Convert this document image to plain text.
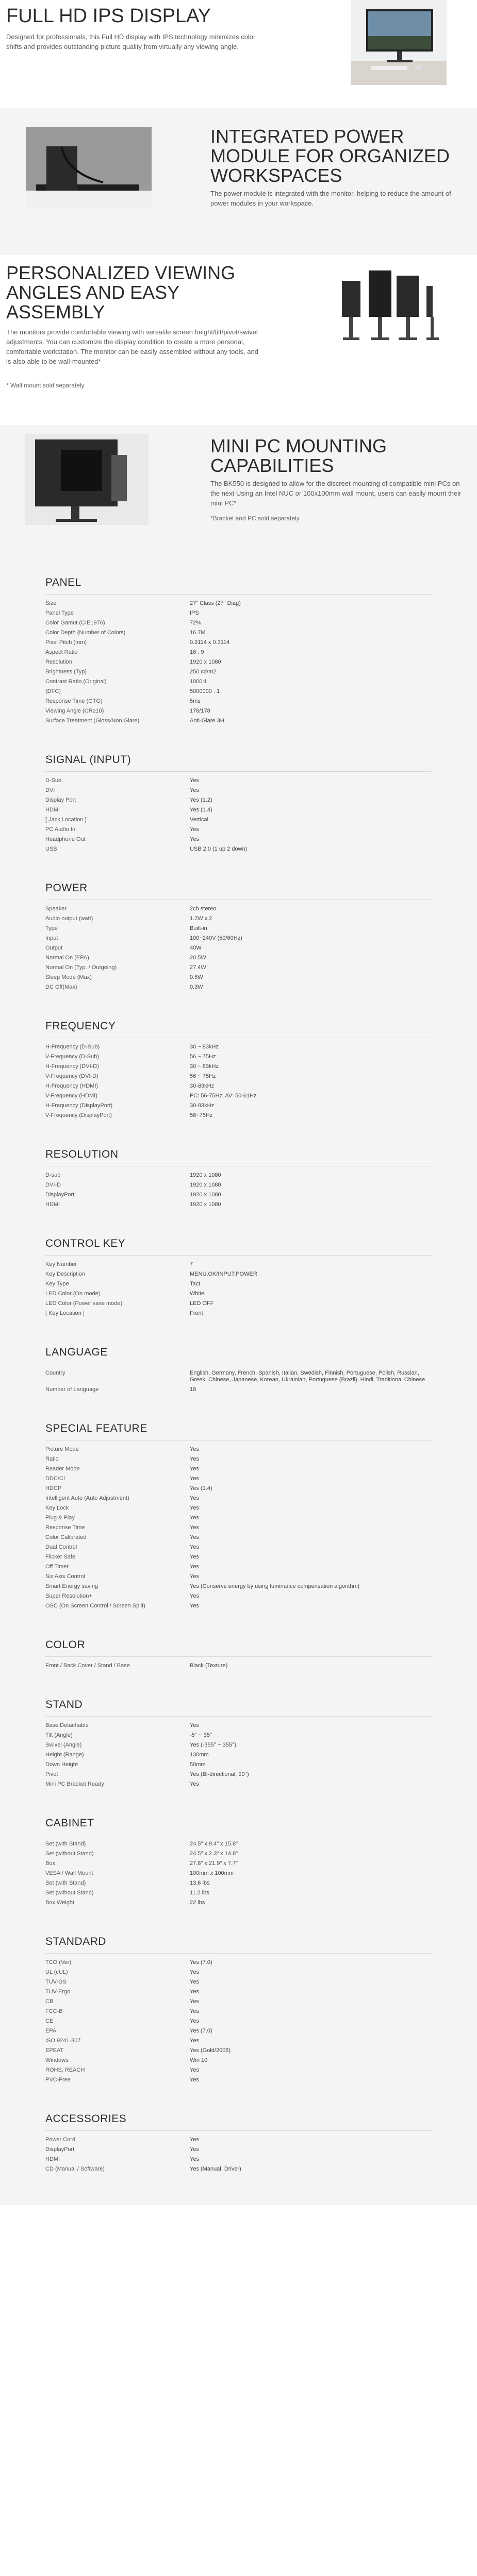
FULL HD IPS DISPLAY

Designed for professionals, this Full HD display with IPS technology minimizes color shifts and provides outstanding picture quality from virtually any viewing angle.

INTEGRATED POWER
MODULE FOR ORGANIZED
WORKSPACES

The power module is integrated with the monitor, helping to reduce the amount of power modules in your workspace.

PERSONALIZED VIEWING
ANGLES AND EASY
ASSEMBLY

The monitors provide comfortable viewing with versatile screen height/tilt/pivot/swivel adjustments. You can customize the display condition to create a more personal, comfortable workstation. The monitor can be easily assembled without any tools, and is also able to be wall-mounted*

* Wall mount sold separately

MINI PC MOUNTING
CAPABILITIES

The BK550 is designed to allow for the discreet mounting of compatible mini PCs on the next Using an Intel NUC or 100x100mm wall mount, users can easily mount their mini PC*

*Bracket and PC sold separately

PANEL
Size	27" Class (27" Diag)
Panel Type	IPS
Color Gamut (CIE1976)	72%
Color Depth (Number of Colors)	16.7M
Pixel Pitch (mm)	0.3114 x 0.3114
Aspect Ratio	16 : 9
Resolution	1920 x 1080
Brightness (Typ)	250 cd/m2
Contrast Ratio (Original)	1000:1
(DFC)	5000000 : 1
Response Time (GTG)	5ms
Viewing Angle (CR≥10)	178/178
Surface Treatment (Gloss/Non Glare)	Anti-Glare 3H
SIGNAL (INPUT)
D-Sub	Yes
DVI	Yes
Display Port	Yes (1.2)
HDMI	Yes (1.4)
[ Jack Location ]	Vertical
PC Audio In	Yes
Headphone Out	Yes
USB	USB 2.0 (1 up 2 down)
POWER
Speaker	2ch stereo
Audio output (watt)	1.2W x 2
Type	Built-in
Input	100~240V (50/60Hz)
Output	40W
Normal On (EPA)	20.5W
Normal On (Typ. / Outgoing)	27.4W
Sleep Mode (Max)	0.5W
DC Off(Max)	0.3W
FREQUENCY
H-Frequency (D-Sub)	30 ~ 83kHz
V-Frequency (D-Sub)	56 ~ 75Hz
H-Frequency (DVI-D)	30 ~ 83kHz
V-Frequency (DVI-D)	56 ~ 75Hz
H-Frequency (HDMI)	30-83kHz
V-Frequency (HDMI)	PC: 56-75Hz, AV: 50-61Hz
H-Frequency (DisplayPort)	30-83kHz
V-Frequency (DisplayPort)	56~75Hz
RESOLUTION
D-sub	1920 x 1080
DVI-D	1920 x 1080
DisplayPort	1920 x 1080
HDMI	1920 x 1080
CONTROL KEY
Key Number	7
Key Description	MENU,OK/INPUT,POWER
Key Type	Tact
LED Color (On mode)	White
LED Color (Power save mode)	LED OFF
[ Key Location ]	Front
LANGUAGE
Country	English, Germany, French, Spanish, Italian, Swedish, Finnish, Portuguese, Polish, Russian, Greek, Chinese, Japanese, Korean, Ukrainian, Portuguese (Brazil), Hindi, Traditional Chinese
Number of Language	18
SPECIAL FEATURE
Picture Mode	Yes
Ratio	Yes
Reader Mode	Yes
DDC/CI	Yes
HDCP	Yes (1.4)
Intelligent Auto (Auto Adjustment)	Yes
Key Lock	Yes
Plug & Play	Yes
Response Time	Yes
Color Calibrated	Yes
Dual Control	Yes
Flicker Safe	Yes
Off Timer	Yes
Six Axis Control	Yes
Smart Energy saving	Yes (Conserve energy by using luminance compensation algorithm)
Super Resolution+	Yes
OSC (On Screen Control / Screen Split)	Yes
COLOR
Front / Back Cover / Stand / Base	Black (Texture)
STAND
Base Detachable	Yes
Tilt (Angle)	-5° ~ 35°
Swivel (Angle)	Yes (-355° ~ 355°)
Height (Range)	130mm
Down Height	50mm
Pivot	Yes (Bi-directional, 90°)
Mini PC Bracket Ready	Yes
CABINET
Set (with Stand)	24.5" x 9.4" x 15.8"
Set (without Stand)	24.5" x 2.3" x 14.8"
Box	27.8" x 21.9" x 7.7"
VESA / Wall Mount	100mm x 100mm
Set (with Stand)	13.6 lbs
Set (without Stand)	11.2 lbs
Box Weight	22 lbs
STANDARD
TCO (Ver)	Yes (7.0)
UL (cUL)	Yes
TUV-GS	Yes
TUV-Ergo	Yes
CB	Yes
FCC-B	Yes
CE	Yes
EPA	Yes (7.0)
ISO 9241-307	Yes
EPEAT	Yes (Gold/2006)
Windows	Win 10
ROHS, REACH	Yes
PVC-Free	Yes
ACCESSORIES
Power Cord	Yes
DisplayPort	Yes
HDMI	Yes
CD (Manual / Software)	Yes (Manual, Driver)
